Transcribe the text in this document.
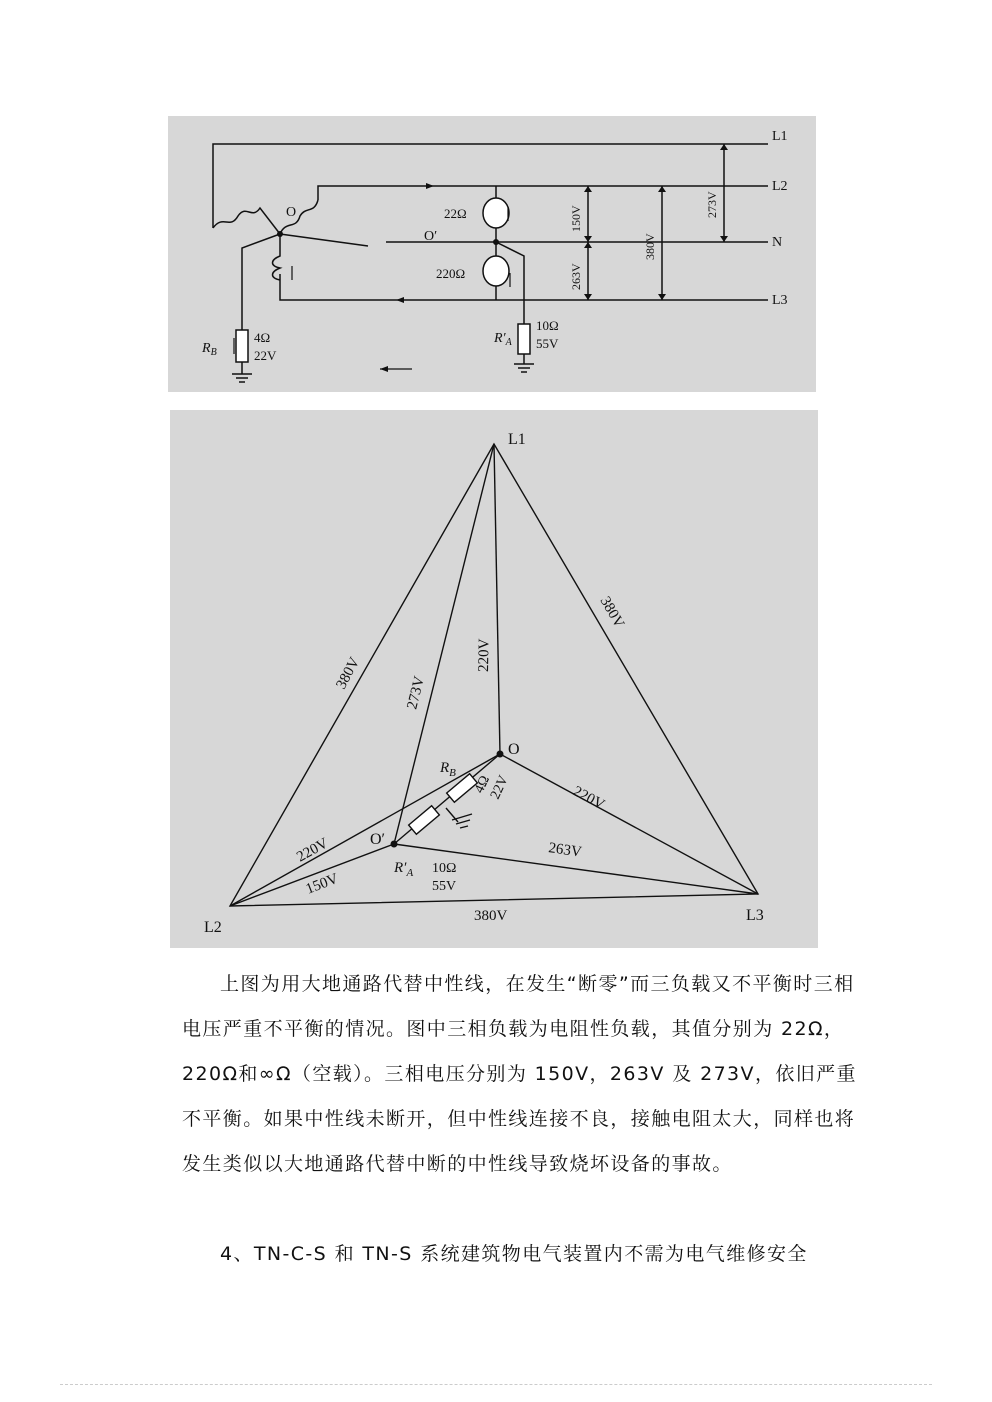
L1
L2
N
L3
O
O′
22Ω
220Ω
150V
263V
380V
273V
$R_B$
4Ω
22V
$R'_A$
10Ω
55V
L1
L2
L3
O
O′
380V
380V
380V
220V
273V
220V
263V
220V
150V
$R_B$
4Ω
22V
$R'_A$ 10Ω
55V
上图为用大地通路代替中性线，在发生“断零”而三负载又不平衡时三相电压严重不平衡的情况。图中三相负载为电阻性负载，其值分别为 22Ω，220Ω和∞Ω（空载）。三相电压分别为 150V，263V 及 273V，依旧严重不平衡。如果中性线未断开，但中性线连接不良，接触电阻太大，同样也将发生类似以大地通路代替中断的中性线导致烧坏设备的事故。
4、TN-C-S 和 TN-S 系统建筑物电气装置内不需为电气维修安全
